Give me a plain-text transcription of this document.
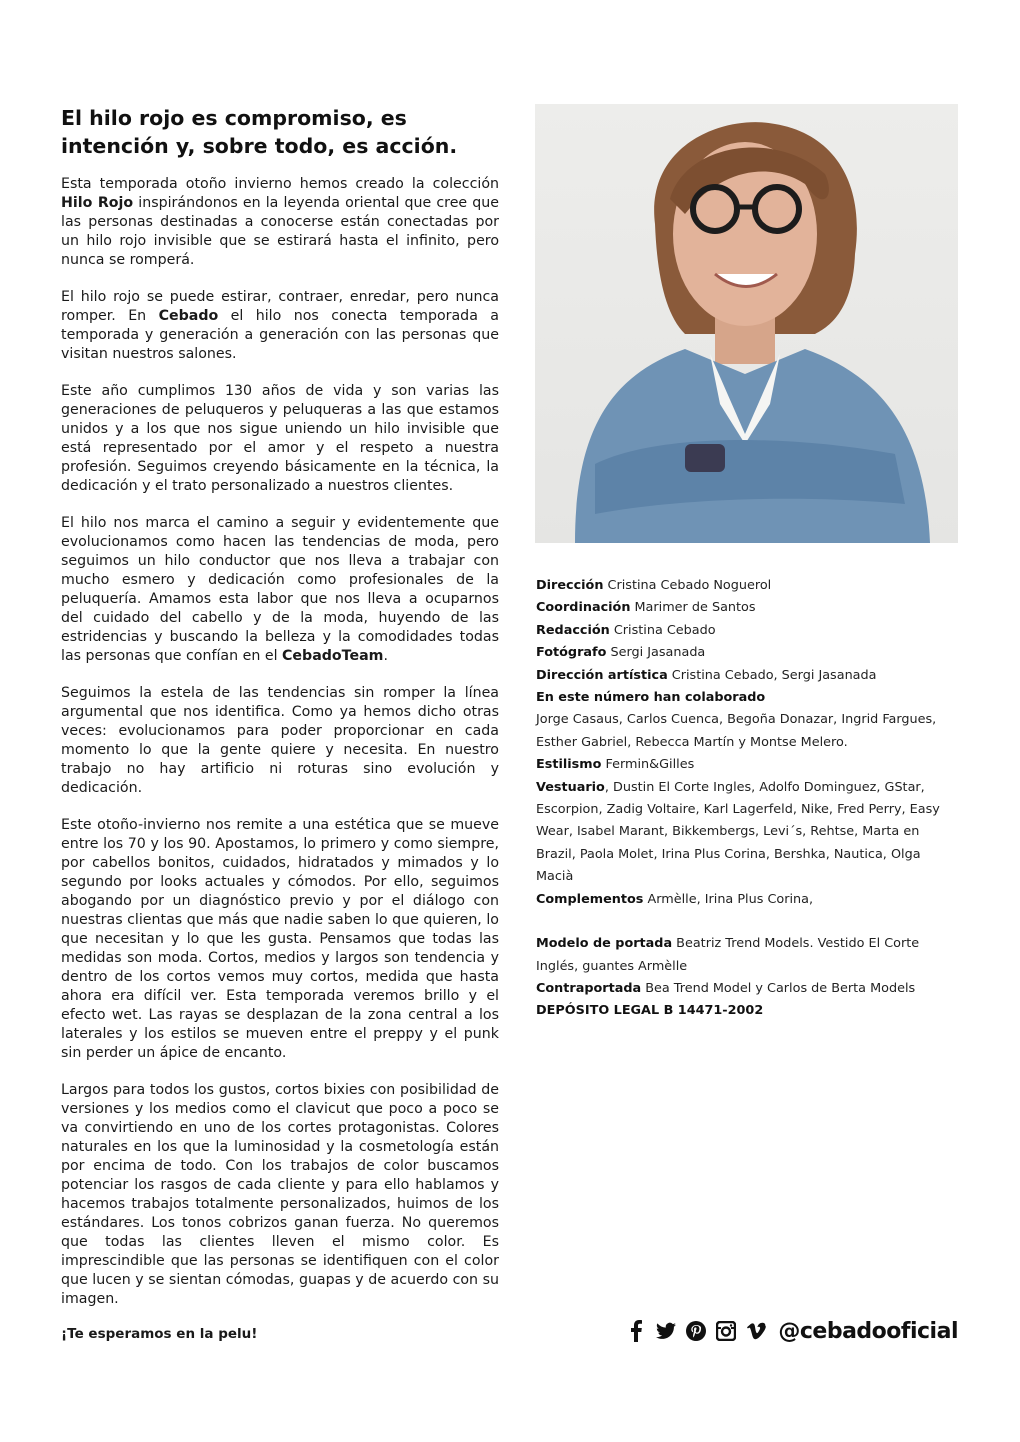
El hilo rojo es compromiso, es intención y, sobre todo, es acción.

Esta temporada otoño invierno hemos creado la colección Hilo Rojo inspirándonos en la leyenda oriental que cree que las personas destinadas a conocerse están conectadas por un hilo rojo invisible que se estirará hasta el infinito, pero nunca se romperá.

El hilo rojo se puede estirar, contraer, enredar, pero nunca romper. En Cebado el hilo nos conecta temporada a temporada y generación a generación con las personas que visitan nuestros salones.

Este año cumplimos 130 años de vida y son varias las generaciones de peluqueros y peluqueras a las que estamos unidos y a los que nos sigue uniendo un hilo invisible que está representado por el amor y el respeto a nuestra profesión. Seguimos creyendo básicamente en la técnica, la dedicación y el trato personalizado a nuestros clientes.

El hilo nos marca el camino a seguir y evidentemente que evolucionamos como hacen las tendencias de moda, pero seguimos un hilo conductor que nos lleva a trabajar con mucho esmero y dedicación como profesionales de la peluquería. Amamos esta labor que nos lleva a ocuparnos del cuidado del cabello y de la moda, huyendo de las estridencias y buscando la belleza y la comodidades todas las personas que confían en el CebadoTeam.

Seguimos la estela de las tendencias sin romper la línea argumental que nos identifica. Como ya hemos dicho otras veces: evolucionamos para poder proporcionar en cada momento lo que la gente quiere y necesita. En nuestro trabajo no hay artificio ni roturas sino evolución y dedicación.

Este otoño-invierno nos remite a una estética que se mueve entre los 70 y los 90. Apostamos, lo primero y como siempre, por cabellos bonitos, cuidados, hidratados y mimados y lo segundo por looks actuales y cómodos. Por ello, seguimos abogando por un diagnóstico previo y por el diálogo con nuestras clientas que más que nadie saben lo que quieren, lo que necesitan y lo que les gusta. Pensamos que todas las medidas son moda. Cortos, medios y largos son tendencia y dentro de los cortos vemos muy cortos, medida que hasta ahora era difícil ver. Esta temporada veremos brillo y el efecto wet. Las rayas se desplazan de la zona central a los laterales y los estilos se mueven entre el preppy y el punk sin perder un ápice de encanto.

Largos para todos los gustos, cortos bixies con posibilidad de versiones y los medios como el clavicut que poco a poco se va convirtiendo en uno de los cortes protagonistas. Colores naturales en los que la luminosidad y la cosmetología están por encima de todo. Con los trabajos de color buscamos potenciar los rasgos de cada cliente y para ello hablamos y hacemos trabajos totalmente personalizados, huimos de los estándares. Los tonos cobrizos ganan fuerza. No queremos que todas las clientes lleven el mismo color. Es imprescindible que las personas se identifiquen con el color que lucen y se sientan cómodas, guapas y de acuerdo con su imagen.

¡Te esperamos en la pelu!
Dirección Cristina Cebado Noguerol
Coordinación Marimer de Santos
Redacción Cristina Cebado
Fotógrafo Sergi Jasanada
Dirección artística Cristina Cebado, Sergi Jasanada
En este número han colaborado
Jorge Casaus, Carlos Cuenca, Begoña Donazar, Ingrid Fargues, Esther Gabriel, Rebecca Martín y Montse Melero.
Estilismo Fermin&Gilles
Vestuario, Dustin El Corte Ingles, Adolfo Dominguez, GStar, Escorpion, Zadig Voltaire, Karl Lagerfeld, Nike, Fred Perry, Easy Wear, Isabel Marant, Bikkembergs, Levi´s, Rehtse, Marta en Brazil, Paola Molet, Irina Plus Corina, Bershka, Nautica, Olga Macià
Complementos Armèlle, Irina Plus Corina,
Modelo de portada Beatriz Trend Models. Vestido El Corte Inglés, guantes Armèlle
Contraportada Bea Trend Model y Carlos de Berta Models
DEPÓSITO LEGAL B 14471-2002
@cebadooficial
